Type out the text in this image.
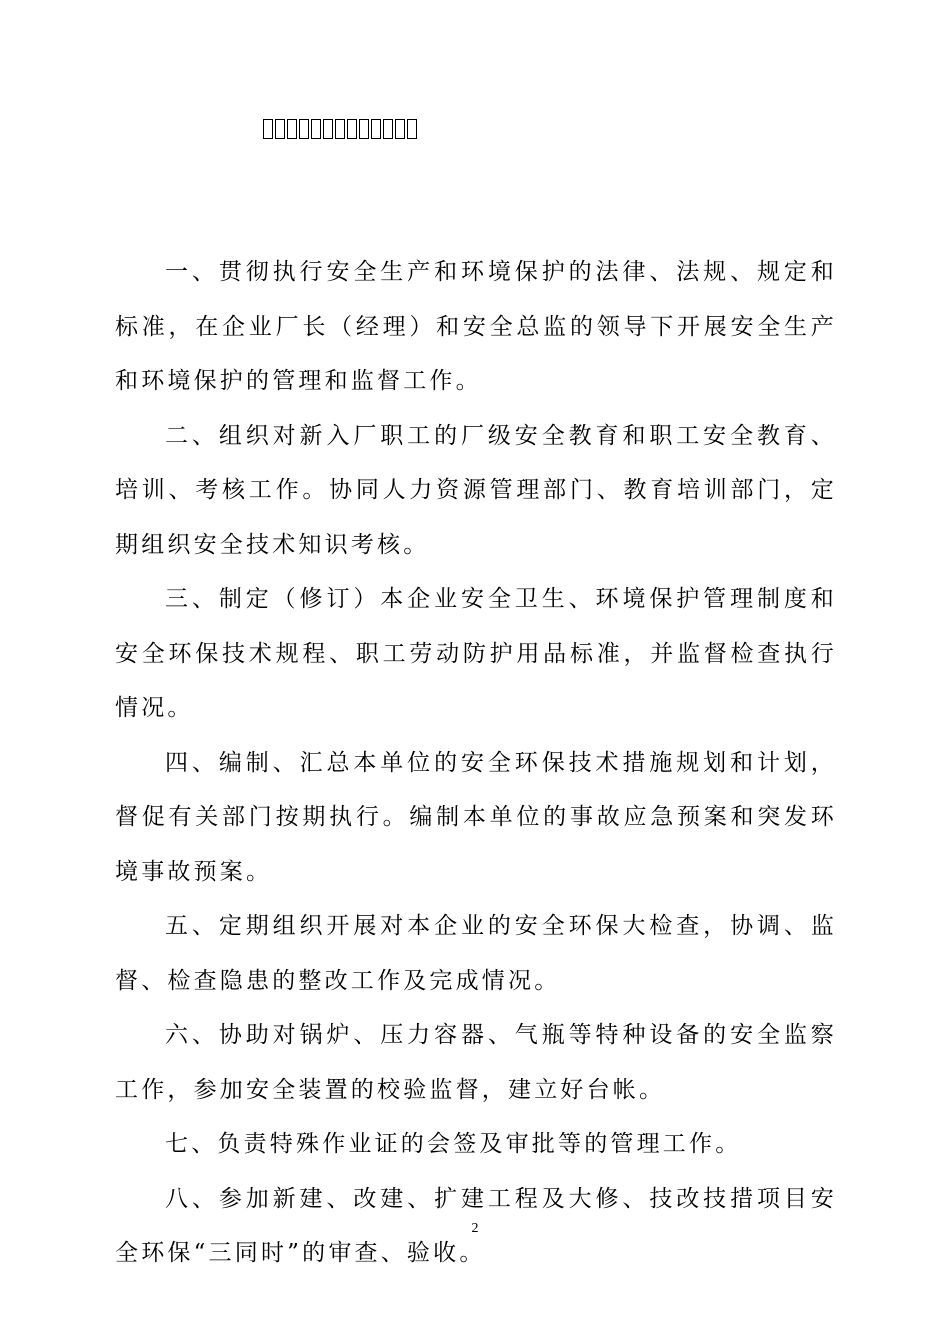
一、贯彻执行安全生产和环境保护的法律、法规、规定和标准，在企业厂长（经理）和安全总监的领导下开展安全生产和环境保护的管理和监督工作。

二、组织对新入厂职工的厂级安全教育和职工安全教育、培训、考核工作。协同人力资源管理部门、教育培训部门，定期组织安全技术知识考核。

三、制定（修订）本企业安全卫生、环境保护管理制度和安全环保技术规程、职工劳动防护用品标准，并监督检查执行情况。

四、编制、汇总本单位的安全环保技术措施规划和计划，督促有关部门按期执行。编制本单位的事故应急预案和突发环境事故预案。

五、定期组织开展对本企业的安全环保大检查，协调、监督、检查隐患的整改工作及完成情况。

六、协助对锅炉、压力容器、气瓶等特种设备的安全监察工作，参加安全装置的校验监督，建立好台帐。

七、负责特殊作业证的会签及审批等的管理工作。

八、参加新建、改建、扩建工程及大修、技改技措项目安全环保“三同时”的审查、验收。

2
